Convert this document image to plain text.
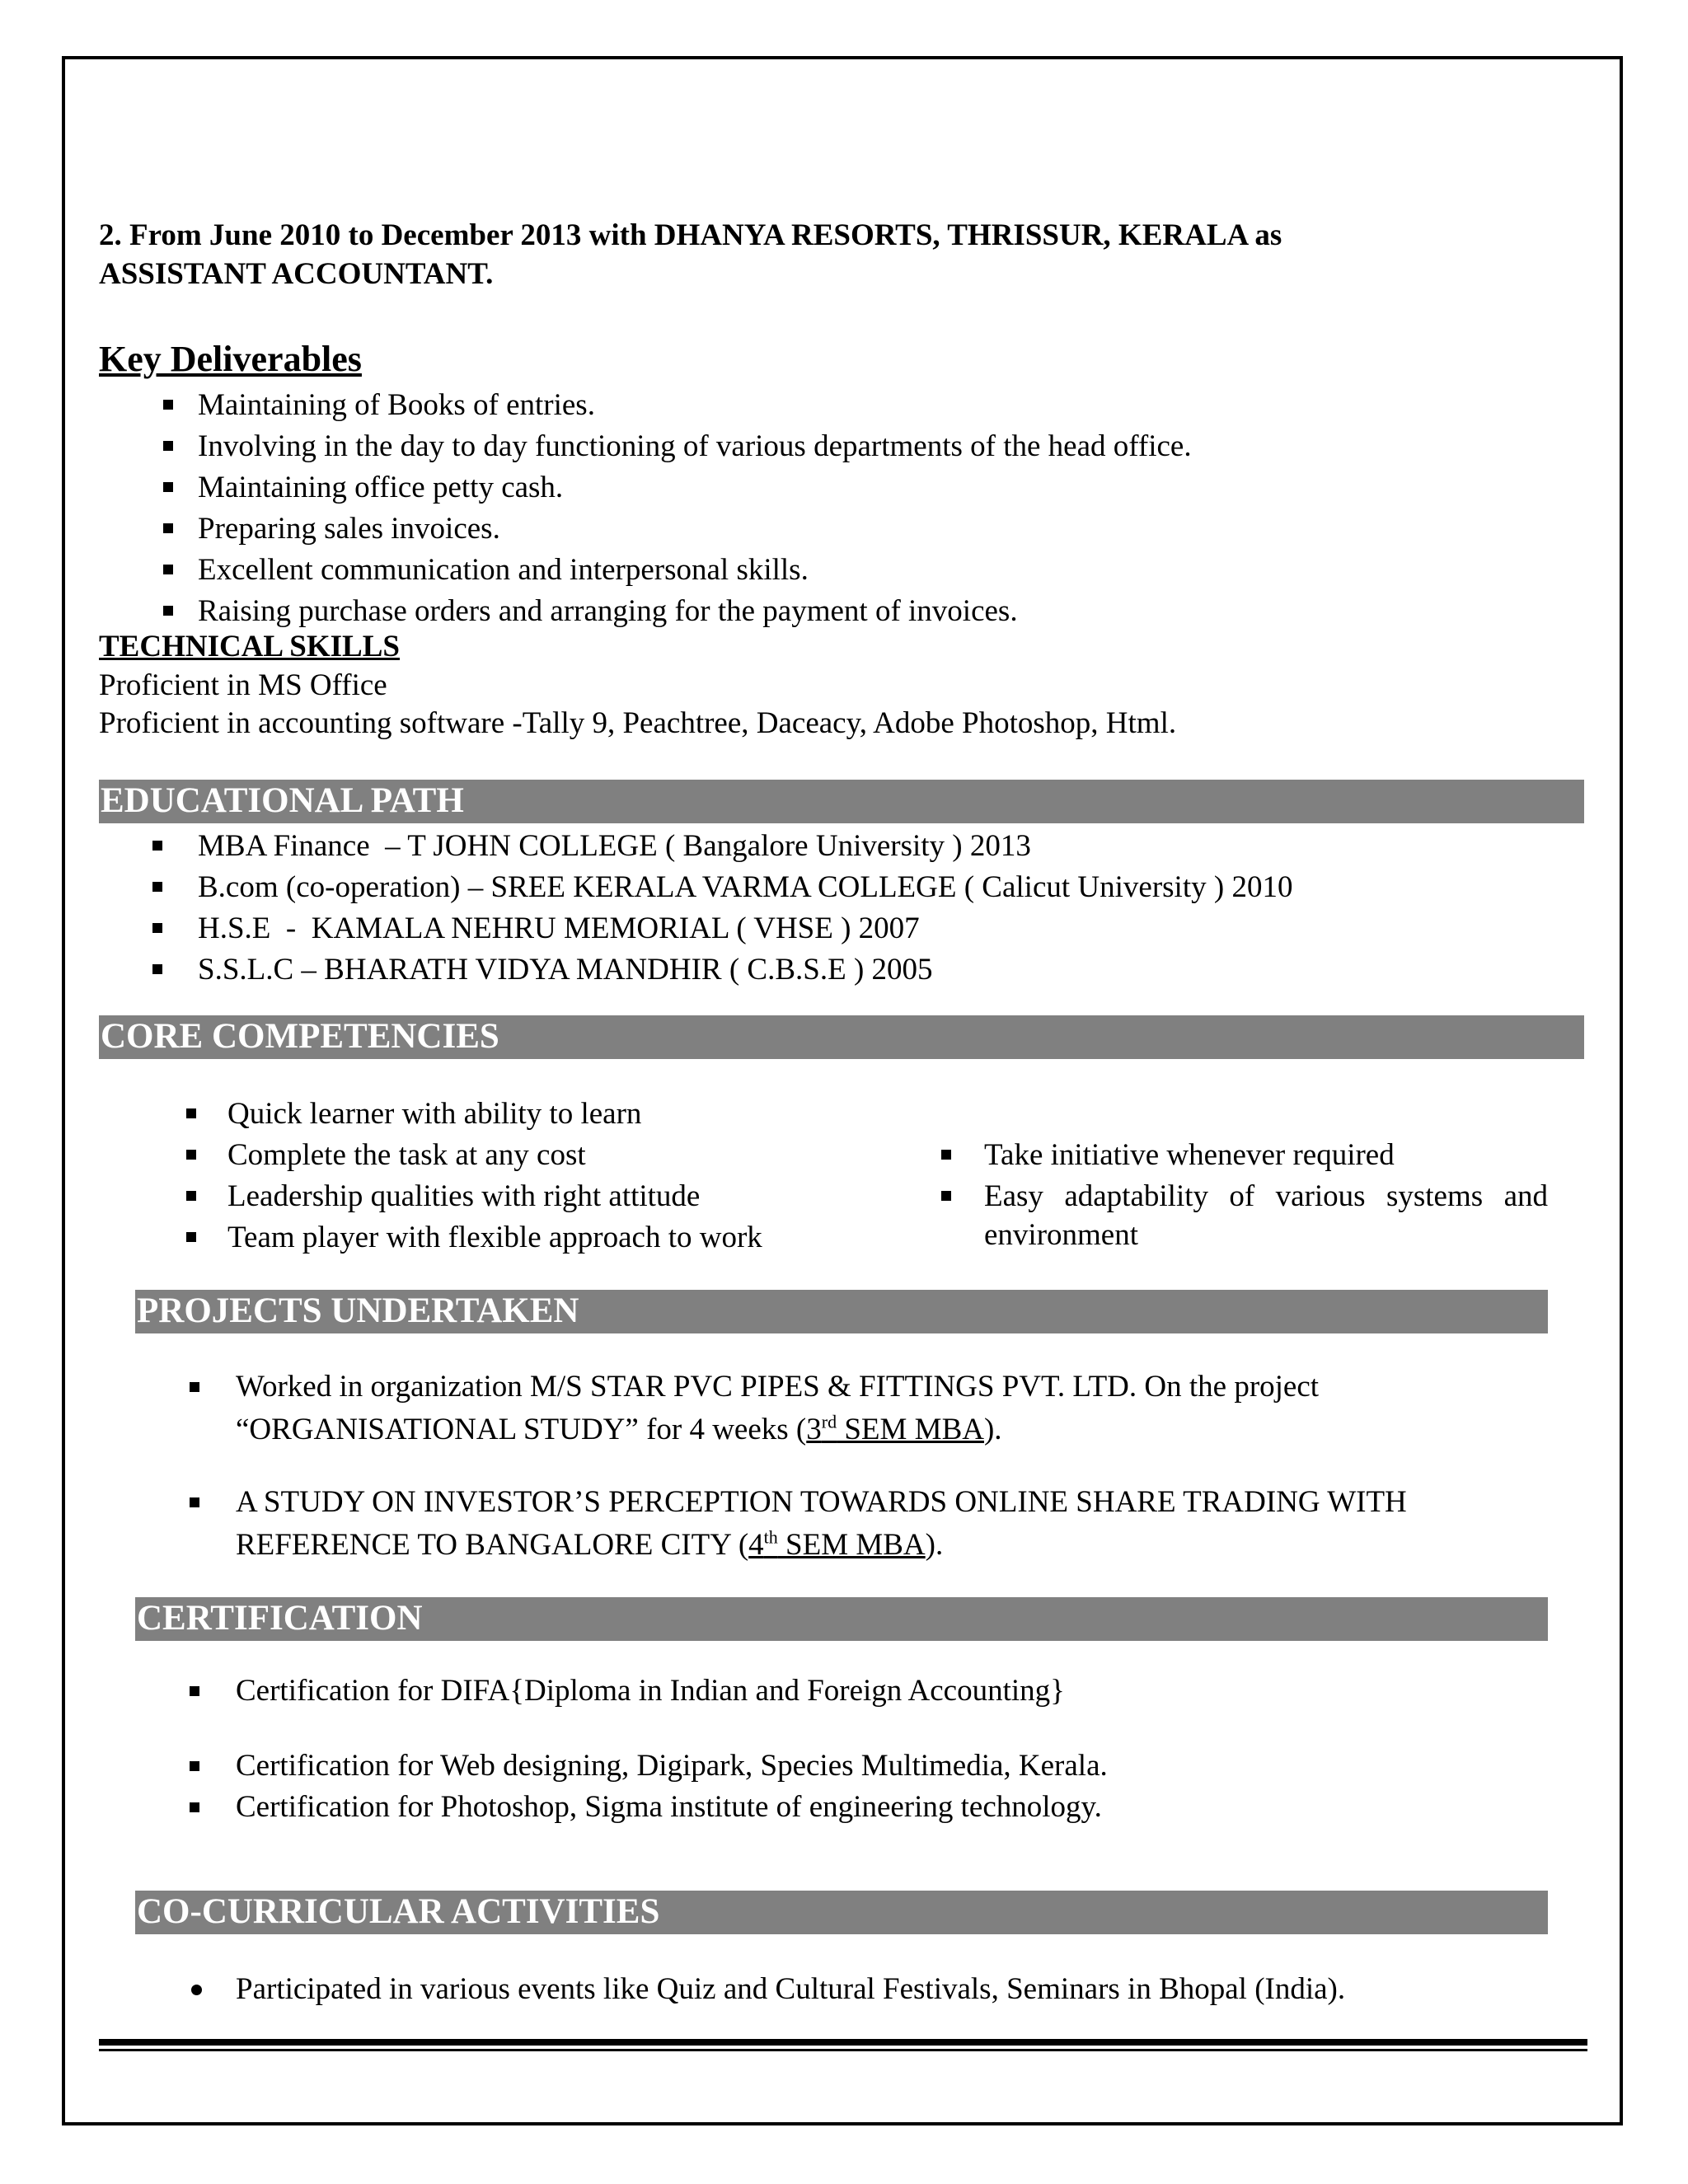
2. From June 2010 to December 2013 with DHANYA RESORTS, THRISSUR, KERALA as
ASSISTANT ACCOUNTANT.
Key Deliverables
Maintaining of Books of entries.
Involving in the day to day functioning of various departments of the head office.
Maintaining office petty cash.
Preparing sales invoices.
Excellent communication and interpersonal skills.
Raising purchase orders and arranging for the payment of invoices.
TECHNICAL SKILLS
Proficient in MS Office
Proficient in accounting software -Tally 9, Peachtree, Daceacy, Adobe Photoshop, Html.
EDUCATIONAL PATH
MBA Finance  – T JOHN COLLEGE ( Bangalore University ) 2013
B.com (co-operation) – SREE KERALA VARMA COLLEGE ( Calicut University ) 2010
H.S.E  -  KAMALA NEHRU MEMORIAL ( VHSE ) 2007
S.S.L.C – BHARATH VIDYA MANDHIR ( C.B.S.E ) 2005
CORE COMPETENCIES
Quick learner with ability to learn
Complete the task at any cost
Leadership qualities with right attitude
Team player with flexible approach to work
Take initiative whenever required
Easy adaptability of various systems and environment
PROJECTS UNDERTAKEN
Worked in organization M/S STAR PVC PIPES & FITTINGS PVT. LTD. On the project
“ORGANISATIONAL STUDY” for 4 weeks (3rd SEM MBA).
A STUDY ON INVESTOR’S PERCEPTION TOWARDS ONLINE SHARE TRADING WITH
REFERENCE TO BANGALORE CITY (4th SEM MBA).
CERTIFICATION
Certification for DIFA{Diploma in Indian and Foreign Accounting}
Certification for Web designing, Digipark, Species Multimedia, Kerala.
Certification for Photoshop, Sigma institute of engineering technology.
CO-CURRICULAR ACTIVITIES
Participated in various events like Quiz and Cultural Festivals, Seminars in Bhopal (India).
